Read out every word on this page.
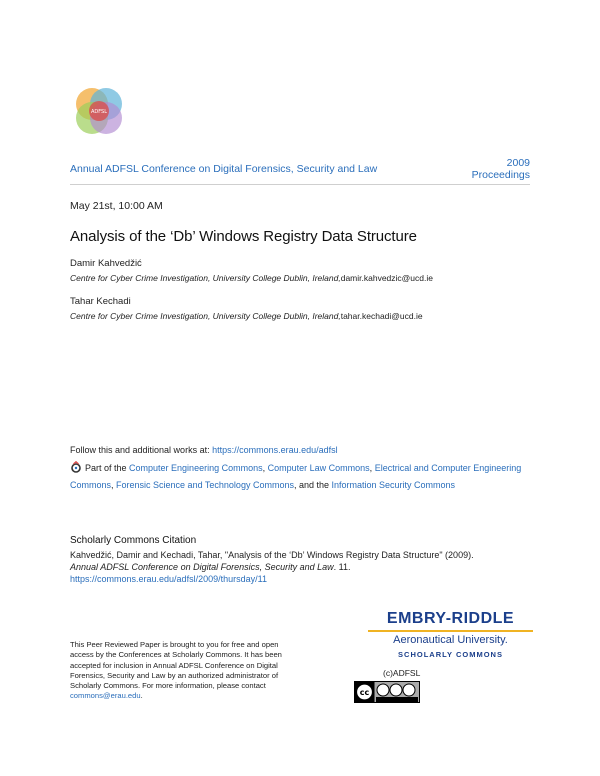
ADFSL
Annual ADFSL Conference on Digital Forensics, Security and Law	2009
Proceedings
May 21st, 10:00 AM
Analysis of the ‘Db’ Windows Registry Data Structure
Damir Kahvedžić
Centre for Cyber Crime Investigation, University College Dublin, Ireland,damir.kahvedzic@ucd.ie
Tahar Kechadi
Centre for Cyber Crime Investigation, University College Dublin, Ireland,tahar.kechadi@ucd.ie
Follow this and additional works at: https://commons.erau.edu/adfsl
Part of the Computer Engineering Commons, Computer Law Commons, Electrical and Computer Engineering Commons, Forensic Science and Technology Commons, and the Information Security Commons
Scholarly Commons Citation
Kahvedžić, Damir and Kechadi, Tahar, "Analysis of the ‘Db’ Windows Registry Data Structure" (2009).
Annual ADFSL Conference on Digital Forensics, Security and Law. 11.
https://commons.erau.edu/adfsl/2009/thursday/11
This Peer Reviewed Paper is brought to you for free and open access by the Conferences at Scholarly Commons. It has been accepted for inclusion in Annual ADFSL Conference on Digital Forensics, Security and Law by an authorized administrator of Scholarly Commons. For more information, please contact commons@erau.edu.
EMBRY-RIDDLE
Aeronautical University.
SCHOLARLY COMMONS
(c)ADFSL
cc
